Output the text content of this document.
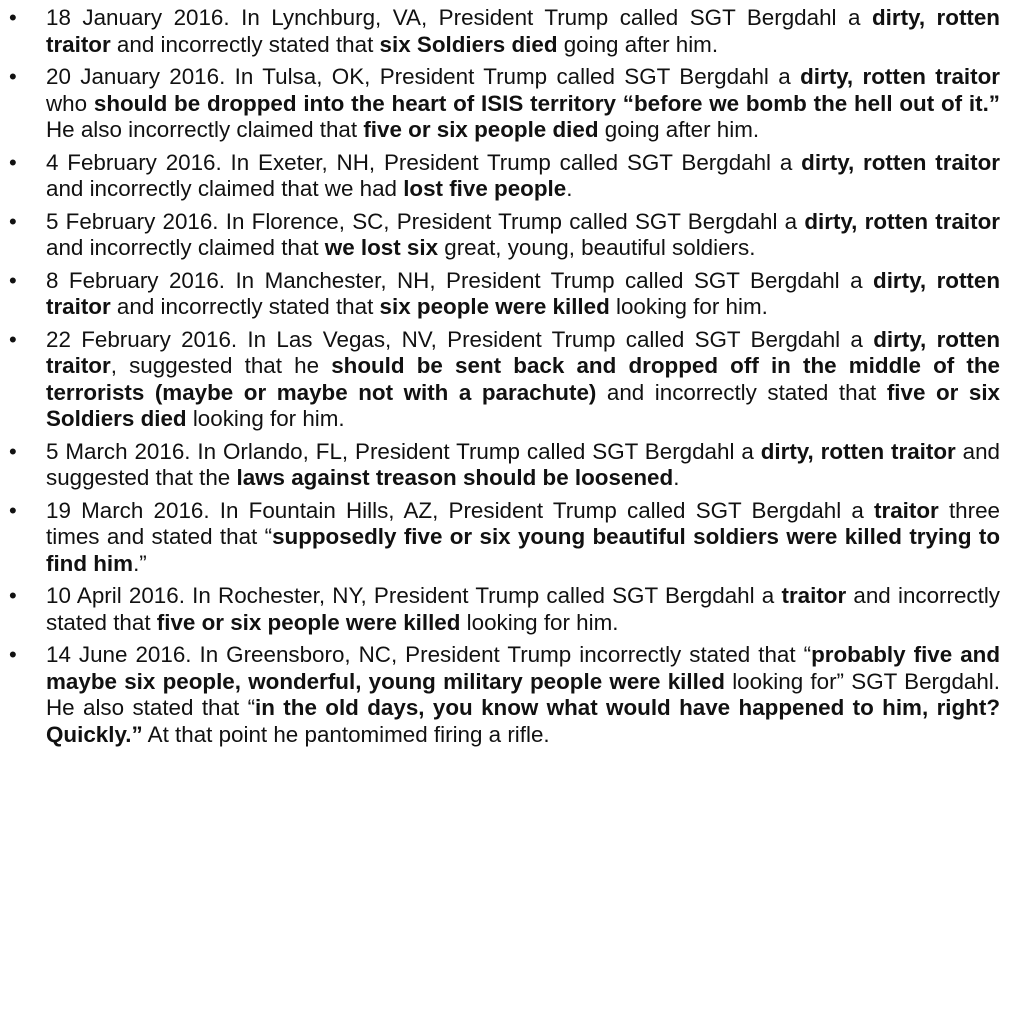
• 18 January 2016. In Lynchburg, VA, President Trump called SGT Bergdahl a dirty, rotten traitor and incorrectly stated that six Soldiers died going after him.
• 20 January 2016. In Tulsa, OK, President Trump called SGT Bergdahl a dirty, rotten traitor who should be dropped into the heart of ISIS territory “before we bomb the hell out of it.” He also incorrectly claimed that five or six people died going after him.
• 4 February 2016. In Exeter, NH, President Trump called SGT Bergdahl a dirty, rotten traitor and incorrectly claimed that we had lost five people.
• 5 February 2016. In Florence, SC, President Trump called SGT Bergdahl a dirty, rotten traitor and incorrectly claimed that we lost six great, young, beautiful soldiers.
• 8 February 2016. In Manchester, NH, President Trump called SGT Bergdahl a dirty, rotten traitor and incorrectly stated that six people were killed looking for him.
• 22 February 2016. In Las Vegas, NV, President Trump called SGT Bergdahl a dirty, rotten traitor, suggested that he should be sent back and dropped off in the middle of the terrorists (maybe or maybe not with a parachute) and incorrectly stated that five or six Soldiers died looking for him.
• 5 March 2016. In Orlando, FL, President Trump called SGT Bergdahl a dirty, rotten traitor and suggested that the laws against treason should be loosened.
• 19 March 2016. In Fountain Hills, AZ, President Trump called SGT Bergdahl a traitor three times and stated that “supposedly five or six young beautiful soldiers were killed trying to find him.”
• 10 April 2016. In Rochester, NY, President Trump called SGT Bergdahl a traitor and incorrectly stated that five or six people were killed looking for him.
• 14 June 2016. In Greensboro, NC, President Trump incorrectly stated that “probably five and maybe six people, wonderful, young military people were killed looking for” SGT Bergdahl. He also stated that “in the old days, you know what would have happened to him, right? Quickly.” At that point he pantomimed firing a rifle.
